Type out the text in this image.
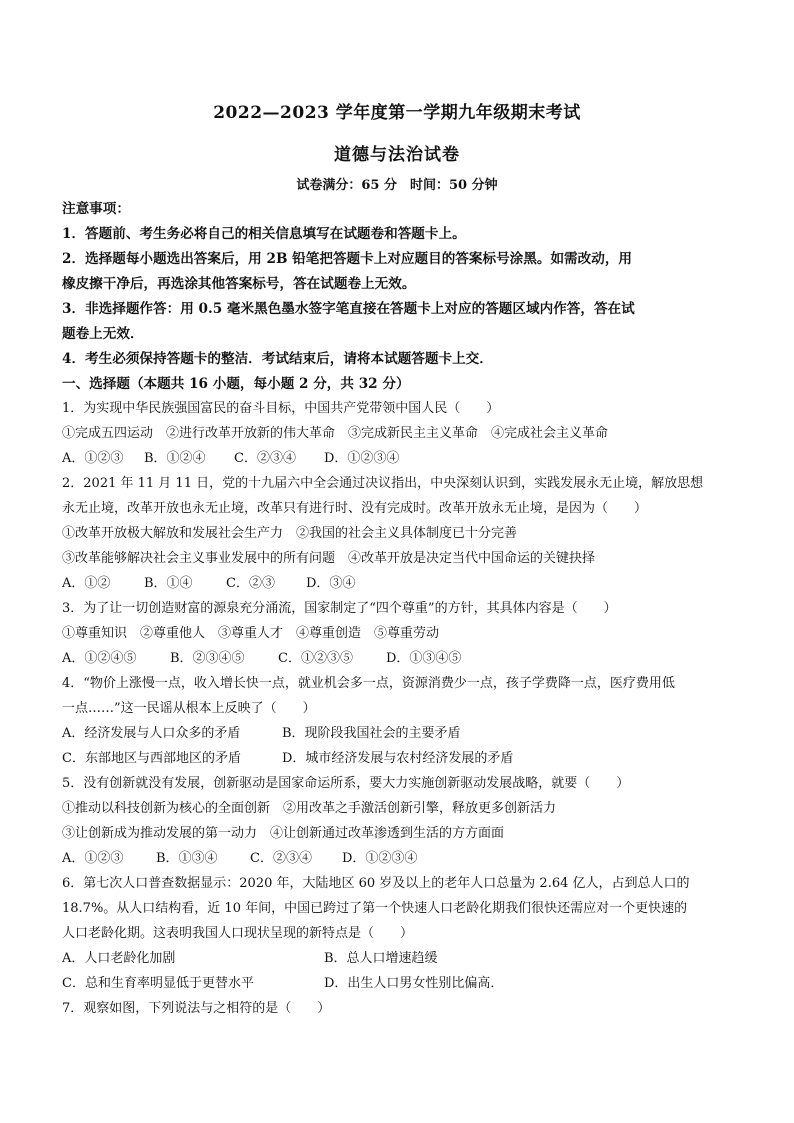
2022—2023 学年度第一学期九年级期末考试
道德与法治试卷
试卷满分：65 分　时间：50 分钟
注意事项：
1．答题前、考生务必将自己的相关信息填写在试题卷和答题卡上。
2．选择题每小题选出答案后，用 2B 铅笔把答题卡上对应题目的答案标号涂黑。如需改动，用
橡皮擦干净后，再选涂其他答案标号，答在试题卷上无效。
3．非选择题作答：用 0.5 毫米黑色墨水签字笔直接在答题卡上对应的答题区域内作答，答在试
题卷上无效．
4．考生必须保持答题卡的整洁．考试结束后，请将本试题答题卡上交．
一、选择题（本题共 16 小题，每小题 2 分，共 32 分）
1．为实现中华民族强国富民的奋斗目标，中国共产党带领中国人民（　　）
①完成五四运动　②进行改革开放新的伟大革命　③完成新民主主义革命　④完成社会主义革命
A．①②③ B．①②④ C．②③④ D．①②③④
2．2021 年 11 月 11 日，党的十九届六中全会通过决议指出，中央深刻认识到，实践发展永无止境，解放思想
永无止境，改革开放也永无止境，改革只有进行时、没有完成时。改革开放永无止境，是因为（　　）
①改革开放极大解放和发展社会生产力　②我国的社会主义具体制度已十分完善
③改革能够解决社会主义事业发展中的所有问题　④改革开放是决定当代中国命运的关键抉择
A．①②	B．①④	C．②③ D．③④
3．为了让一切创造财富的源泉充分涌流，国家制定了“四个尊重”的方针，其具体内容是（　　）
①尊重知识　②尊重他人　③尊重人才　④尊重创造　⑤尊重劳动
A．①②④⑤	B．②③④⑤	C．①②③⑤	D．①③④⑤
4．“物价上涨慢一点，收入增长快一点，就业机会多一点，资源消费少一点，孩子学费降一点，医疗费用低
一点……”这一民谣从根本上反映了（　　）
A．经济发展与人口众多的矛盾	B．现阶段我国社会的主要矛盾
C．东部地区与西部地区的矛盾	D．城市经济发展与农村经济发展的矛盾
5．没有创新就没有发展，创新驱动是国家命运所系，要大力实施创新驱动发展战略，就要（　　）
①推动以科技创新为核心的全面创新　②用改革之手激活创新引擎，释放更多创新活力
③让创新成为推动发展的第一动力　④让创新通过改革渗透到生活的方方面面
A．①②③	B．①③④ C．②③④ D．①②③④
6．第七次人口普查数据显示：2020 年，大陆地区 60 岁及以上的老年人口总量为 2.64 亿人，占到总人口的
18.7%。从人口结构看，近 10 年间，中国已跨过了第一个快速人口老龄化期我们很快还需应对一个更快速的
人口老龄化期。这表明我国人口现状呈现的新特点是（　　）
A．人口老龄化加剧	B．总人口增速趋缓
C．总和生育率明显低于更替水平	D．出生人口男女性别比偏高．
7．观察如图，下列说法与之相符的是（　　）
